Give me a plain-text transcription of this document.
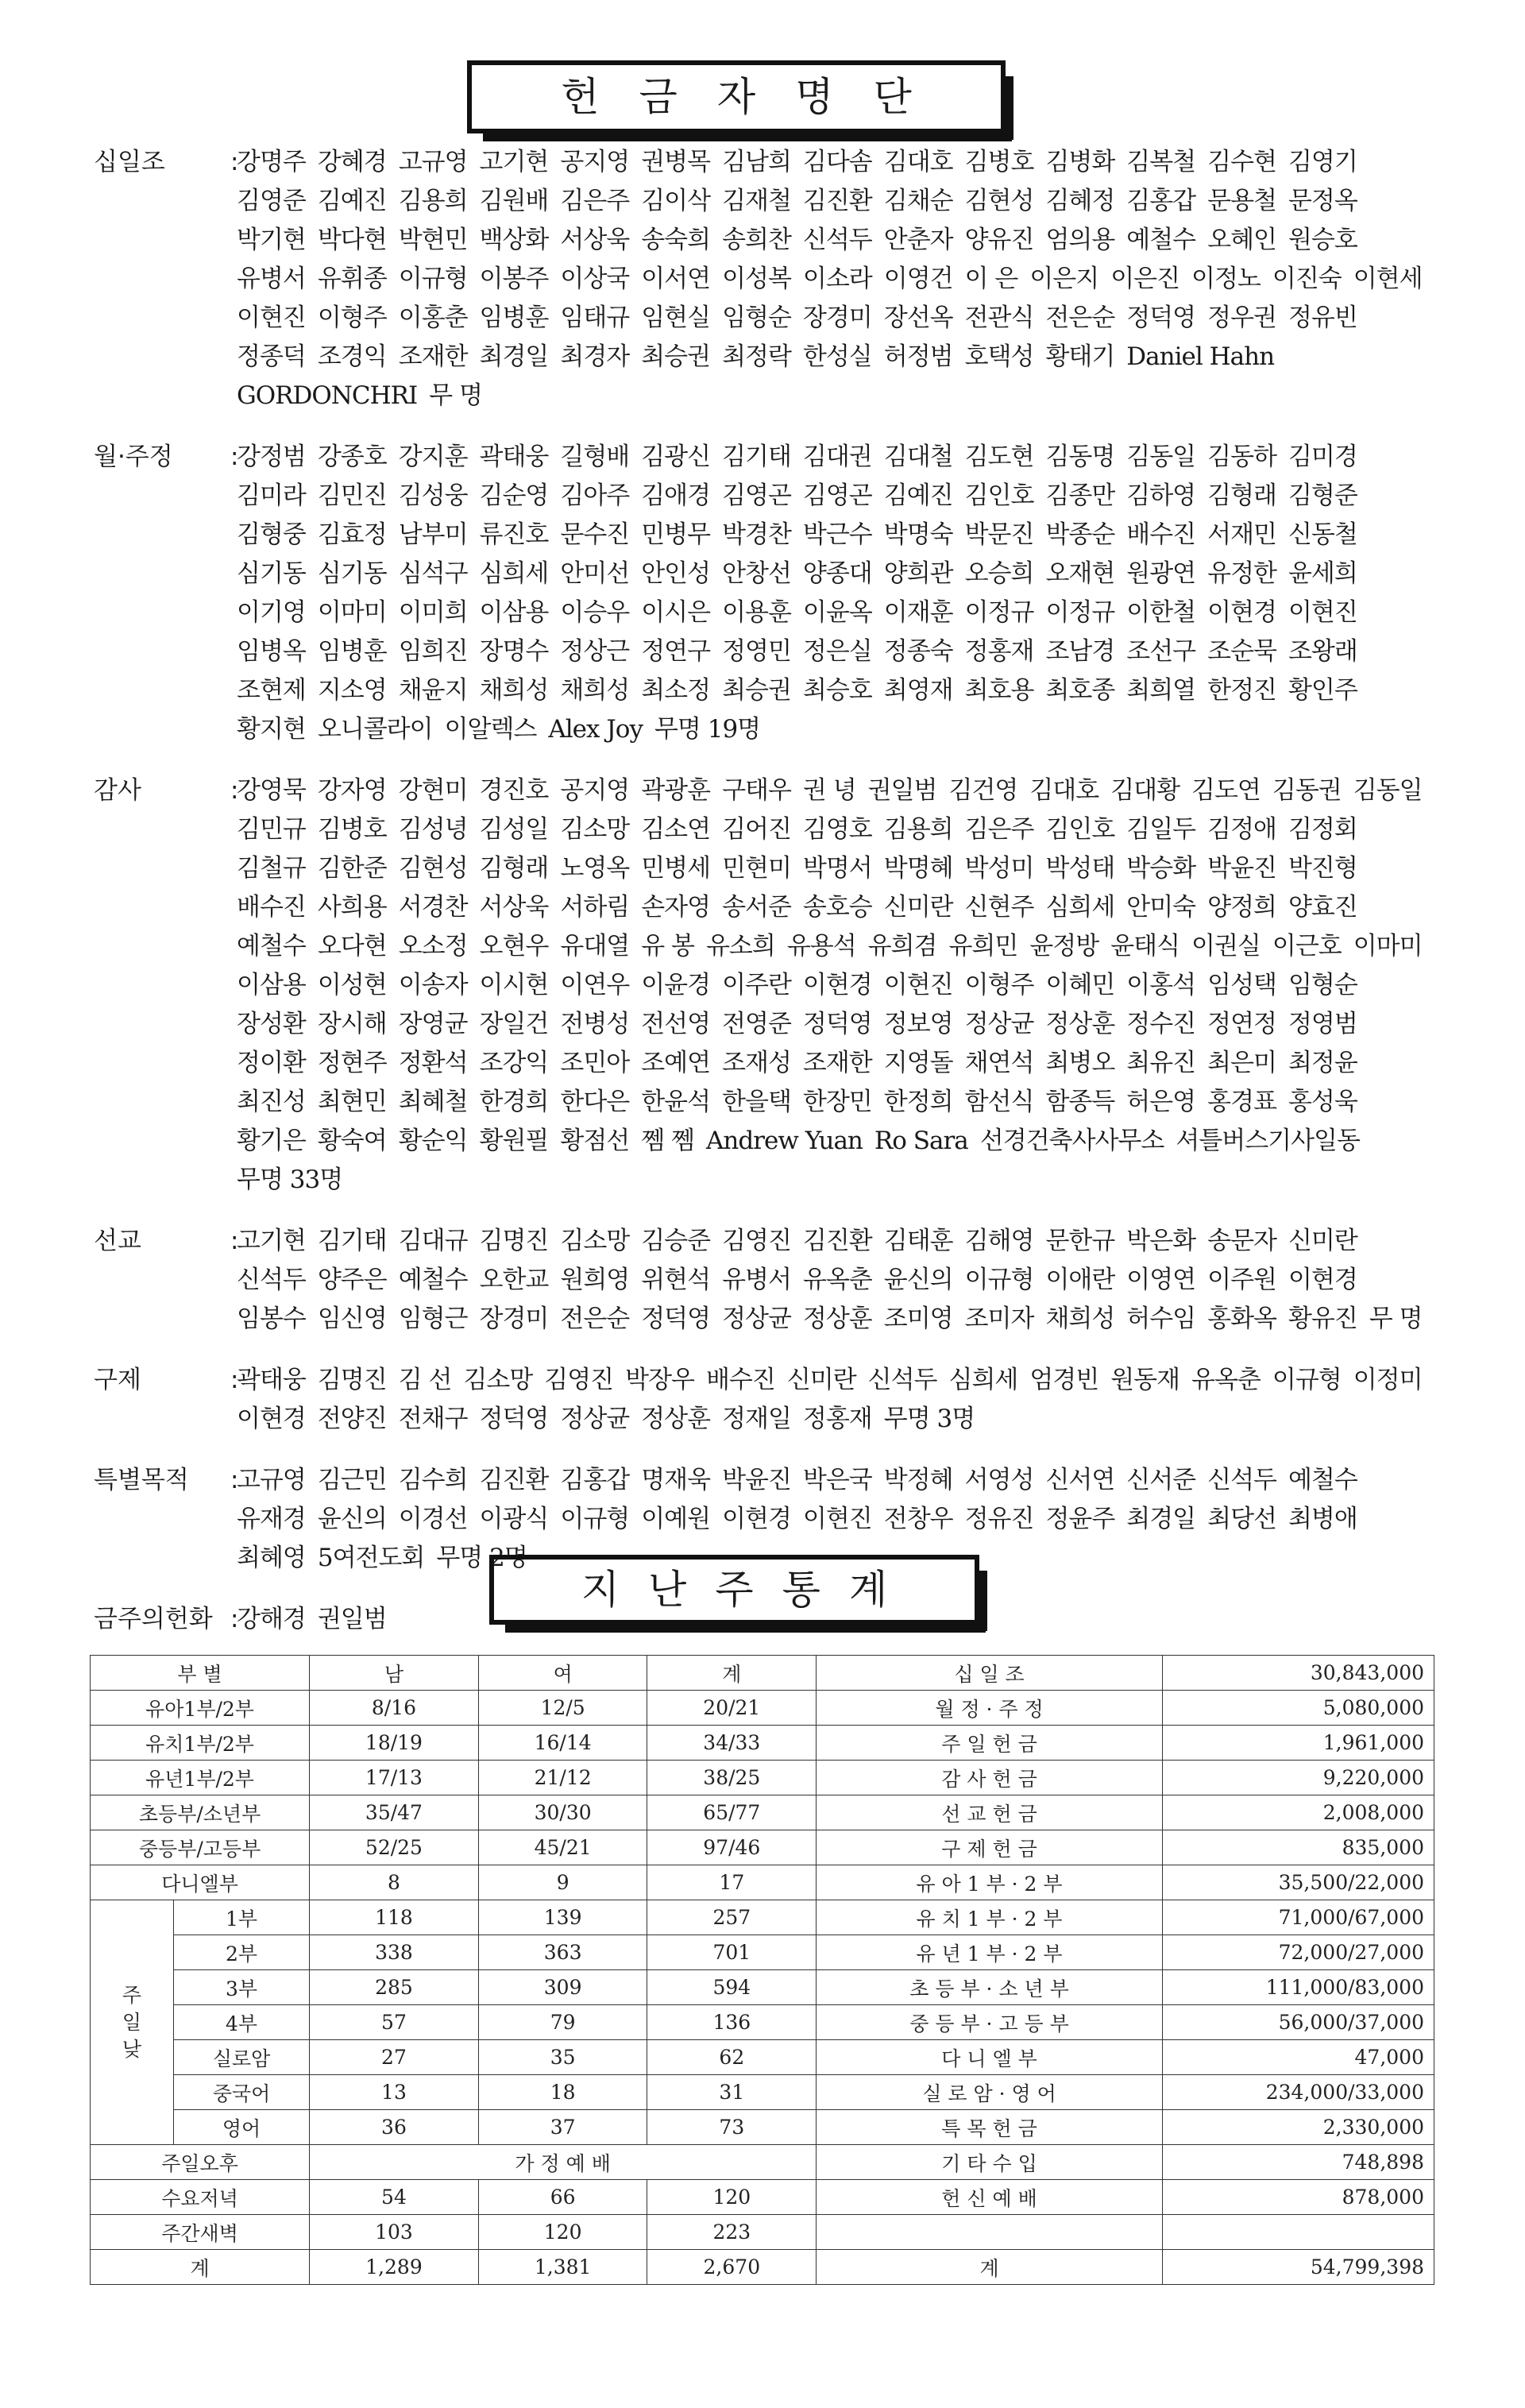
헌금자명단
십일조	:
강명주 강혜경 고규영 고기현 공지영 권병목 김남희 김다솜 김대호 김병호 김병화 김복철 김수현 김영기
김영준 김예진 김용희 김원배 김은주 김이삭 김재철 김진환 김채순 김현성 김혜정 김홍갑 문용철 문정옥
박기현 박다현 박현민 백상화 서상욱 송숙희 송희찬 신석두 안춘자 양유진 엄의용 예철수 오혜인 원승호
유병서 유휘종 이규형 이봉주 이상국 이서연 이성복 이소라 이영건 이 은 이은지 이은진 이정노 이진숙 이현세
이현진 이형주 이홍춘 임병훈 임태규 임현실 임형순 장경미 장선옥 전관식 전은순 정덕영 정우권 정유빈
정종덕 조경익 조재한 최경일 최경자 최승권 최정락 한성실 허정범 호택성 황태기 Daniel Hahn
GORDONCHRI 무 명
월·주정	:
강정범 강종호 강지훈 곽태웅 길형배 김광신 김기태 김대권 김대철 김도현 김동명 김동일 김동하 김미경
김미라 김민진 김성웅 김순영 김아주 김애경 김영곤 김영곤 김예진 김인호 김종만 김하영 김형래 김형준
김형중 김효정 남부미 류진호 문수진 민병무 박경찬 박근수 박명숙 박문진 박종순 배수진 서재민 신동철
심기동 심기동 심석구 심희세 안미선 안인성 안창선 양종대 양희관 오승희 오재현 원광연 유정한 윤세희
이기영 이마미 이미희 이삼용 이승우 이시은 이용훈 이윤옥 이재훈 이정규 이정규 이한철 이현경 이현진
임병옥 임병훈 임희진 장명수 정상근 정연구 정영민 정은실 정종숙 정홍재 조남경 조선구 조순묵 조왕래
조현제 지소영 채윤지 채희성 채희성 최소정 최승권 최승호 최영재 최호용 최호종 최희열 한정진 황인주
황지현 오니콜라이 이알렉스 Alex Joy 무명 19명
감사	:
강영묵 강자영 강현미 경진호 공지영 곽광훈 구태우 권 녕 권일범 김건영 김대호 김대황 김도연 김동권 김동일
김민규 김병호 김성녕 김성일 김소망 김소연 김어진 김영호 김용희 김은주 김인호 김일두 김정애 김정회
김철규 김한준 김현성 김형래 노영옥 민병세 민현미 박명서 박명혜 박성미 박성태 박승화 박윤진 박진형
배수진 사희용 서경찬 서상욱 서하림 손자영 송서준 송호승 신미란 신현주 심희세 안미숙 양정희 양효진
예철수 오다현 오소정 오현우 유대열 유 봉 유소희 유용석 유희겸 유희민 윤정방 윤태식 이권실 이근호 이마미
이삼용 이성현 이송자 이시현 이연우 이윤경 이주란 이현경 이현진 이형주 이혜민 이홍석 임성택 임형순
장성환 장시해 장영균 장일건 전병성 전선영 전영준 정덕영 정보영 정상균 정상훈 정수진 정연정 정영범
정이환 정현주 정환석 조강익 조민아 조예연 조재성 조재한 지영돌 채연석 최병오 최유진 최은미 최정윤
최진성 최현민 최혜철 한경희 한다은 한윤석 한을택 한장민 한정희 함선식 함종득 허은영 홍경표 홍성욱
황기은 황숙여 황순익 황원필 황점선 쩸 쩸 Andrew Yuan Ro Sara 선경건축사사무소 셔틀버스기사일동
무명 33명
선교	:
고기현 김기태 김대규 김명진 김소망 김승준 김영진 김진환 김태훈 김해영 문한규 박은화 송문자 신미란
신석두 양주은 예철수 오한교 원희영 위현석 유병서 유옥춘 윤신의 이규형 이애란 이영연 이주원 이현경
임봉수 임신영 임형근 장경미 전은순 정덕영 정상균 정상훈 조미영 조미자 채희성 허수임 홍화옥 황유진 무 명
구제	:
곽태웅 김명진 김 선 김소망 김영진 박장우 배수진 신미란 신석두 심희세 엄경빈 원동재 유옥춘 이규형 이정미
이현경 전양진 전채구 정덕영 정상균 정상훈 정재일 정홍재 무명 3명
특별목적	:
고규영 김근민 김수희 김진환 김홍갑 명재욱 박윤진 박은국 박정혜 서영성 신서연 신서준 신석두 예철수
유재경 윤신의 이경선 이광식 이규형 이예원 이현경 이현진 전창우 정유진 정윤주 최경일 최당선 최병애
최혜영 5여전도회 무명 2명
금주의헌화 :
강해경 권일범
지난주통계
부 별		남	여	계	십 일 조	30,843,000
유아1부/2부		8/16	12/5	20/21	월 정 · 주 정	5,080,000
유치1부/2부		18/19	16/14	34/33	주 일 헌 금	1,961,000
유년1부/2부		17/13	21/12	38/25	감 사 헌 금	9,220,000
초등부/소년부		35/47	30/30	65/77	선 교 헌 금	2,008,000
중등부/고등부		52/25	45/21	97/46	구 제 헌 금	835,000
다니엘부		8	9	17	유 아 1 부 · 2 부	35,500/22,000

주
일
낮	1부	118	139	257	유 치 1 부 · 2 부	71,000/67,000
	2부	338	363	701	유 년 1 부 · 2 부	72,000/27,000
	3부	285	309	594	초 등 부 · 소 년 부	111,000/83,000
	4부	57	79	136	중 등 부 · 고 등 부	56,000/37,000
	실로암	27	35	62	다 니 엘 부	47,000
	중국어	13	18	31	실 로 암 · 영 어	234,000/33,000
	영어	36	37	73	특 목 헌 금	2,330,000
주일오후		가 정 예 배			기 타 수 입	748,898
수요저녁		54	66	120	헌 신 예 배	878,000
주간새벽		103	120	223		
계		1,289	1,381	2,670	계	54,799,398
